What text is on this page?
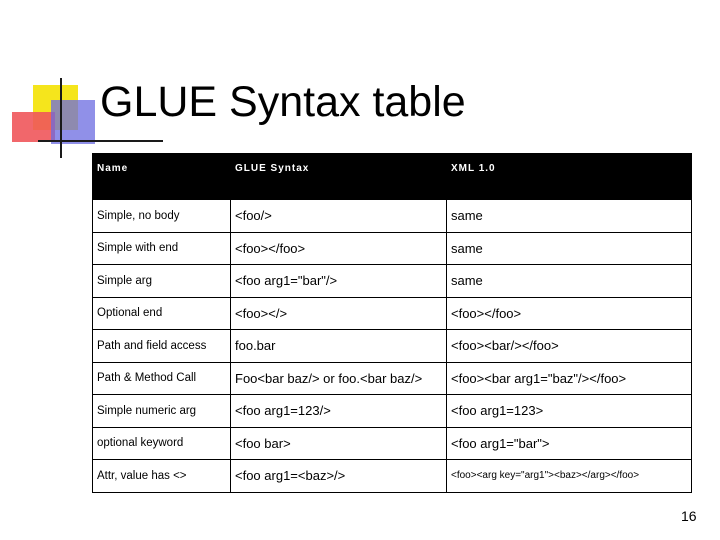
GLUE Syntax table
Name	GLUE Syntax	XML 1.0
Simple, no body	<foo/>	same
Simple with end	<foo></foo>	same
Simple arg	<foo arg1="bar"/>	same
Optional end	<foo></>	<foo></foo>
Path and field access	foo.bar	<foo><bar/></foo>
Path & Method Call	Foo<bar baz/> or foo.<bar baz/>	<foo><bar arg1="baz"/></foo>
Simple numeric arg	<foo arg1=123/>	<foo arg1=123>
optional keyword	<foo bar>	<foo arg1="bar">
Attr, value has <>	<foo arg1=<baz>/>	<foo><arg key="arg1"><baz></arg></foo>
16
